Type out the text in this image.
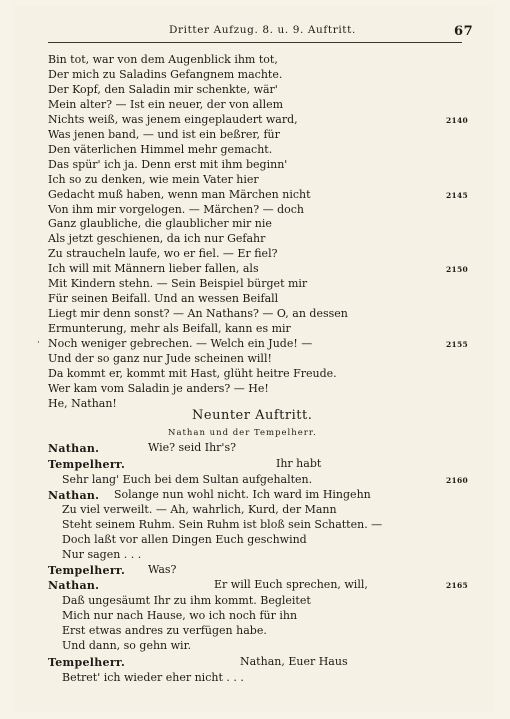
Dritter Aufzug. 8. u. 9. Auftritt.	67
Bin tot, war von dem Augenblick ihm tot,
Der mich zu Saladins Gefangnem machte.
Der Kopf, den Saladin mir schenkte, wär'
Mein alter? — Ist ein neuer, der von allem
Nichts weiß, was jenem eingeplaudert ward,
Was jenen band, — und ist ein beßrer, für
Den väterlichen Himmel mehr gemacht.
Das spür' ich ja. Denn erst mit ihm beginn'
Ich so zu denken, wie mein Vater hier
Gedacht muß haben, wenn man Märchen nicht
Von ihm mir vorgelogen. — Märchen? — doch
Ganz glaubliche, die glaublicher mir nie
Als jetzt geschienen, da ich nur Gefahr
Zu straucheln laufe, wo er fiel. — Er fiel?
Ich will mit Männern lieber fallen, als
Mit Kindern stehn. — Sein Beispiel bürget mir
Für seinen Beifall. Und an wessen Beifall
Liegt mir denn sonst? — An Nathans? — O, an dessen
Ermunterung, mehr als Beifall, kann es mir
Noch weniger gebrechen. — Welch ein Jude! —
Und der so ganz nur Jude scheinen will!
Da kommt er, kommt mit Hast, glüht heitre Freude.
Wer kam vom Saladin je anders? — He!
He, Nathan!
·
2140
2145
2150
2155
Nathan.	Wie? seid Ihr's?
Tempelherr.	Ihr habt
Sehr lang' Euch bei dem Sultan aufgehalten.
Nathan. Solange nun wohl nicht. Ich ward im Hingehn
Zu viel verweilt. — Ah, wahrlich, Kurd, der Mann
Steht seinem Ruhm. Sein Ruhm ist bloß sein Schatten. —
Doch laßt vor allen Dingen Euch geschwind
Nur sagen . . .
Tempelherr. Was?
Nathan.	Er will Euch sprechen, will,
Daß ungesäumt Ihr zu ihm kommt. Begleitet
Mich nur nach Hause, wo ich noch für ihn
Erst etwas andres zu verfügen habe.
Und dann, so gehn wir.
Tempelherr.	Nathan, Euer Haus
Betret' ich wieder eher nicht . . .
2160
2165
Neunter Auftritt.
Nathan und der Tempelherr.
